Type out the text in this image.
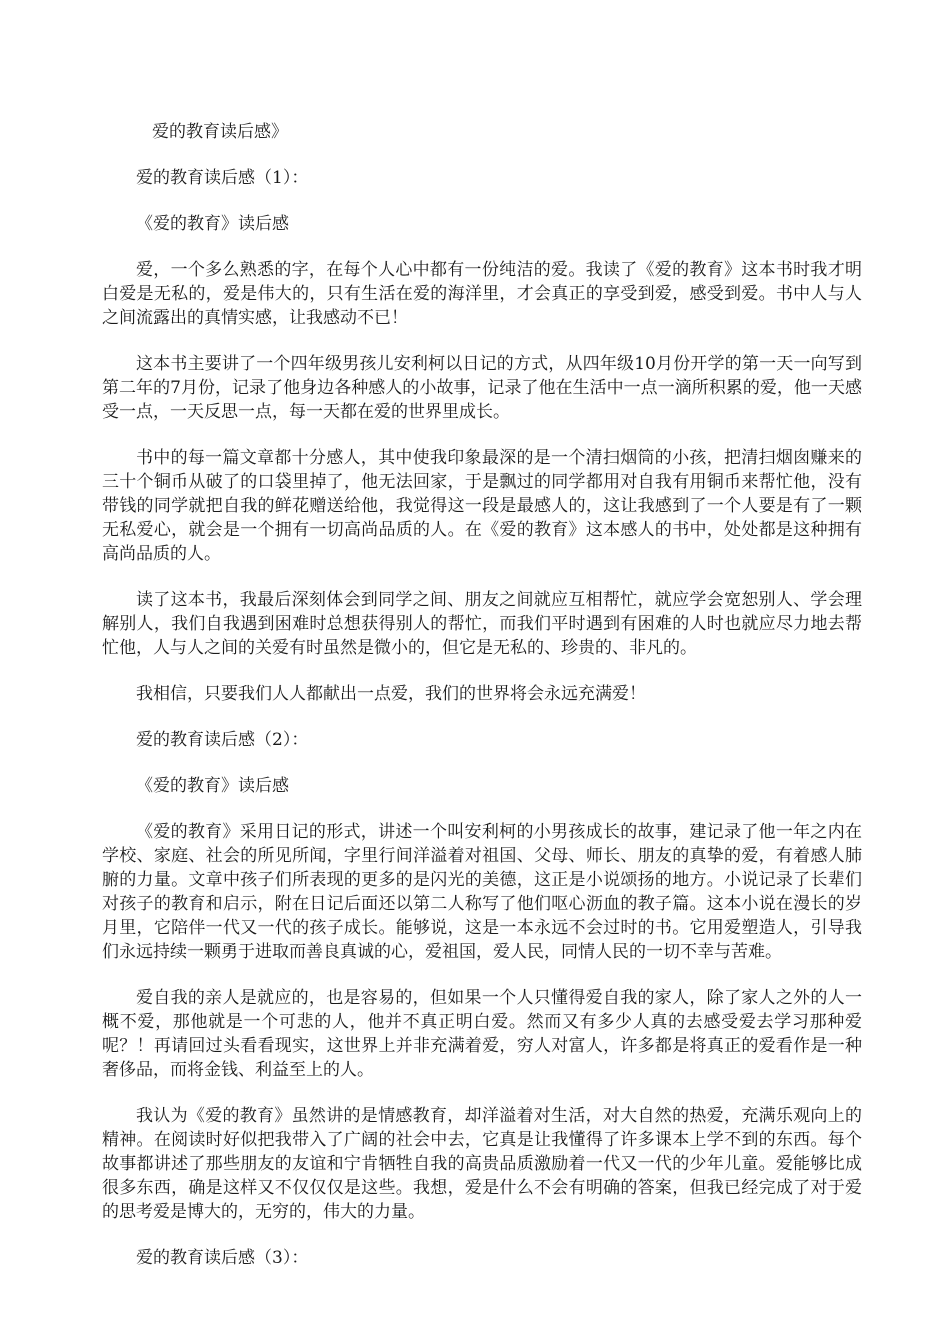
爱的教育读后感》
爱的教育读后感（1）：
《爱的教育》读后感

爱，一个多么熟悉的字，在每个人心中都有一份纯洁的爱。我读了《爱的教育》这本书时我才明白爱是无私的，爱是伟大的，只有生活在爱的海洋里，才会真正的享受到爱，感受到爱。书中人与人之间流露出的真情实感，让我感动不已！

这本书主要讲了一个四年级男孩儿安利柯以日记的方式，从四年级10月份开学的第一天一向写到第二年的7月份，记录了他身边各种感人的小故事，记录了他在生活中一点一滴所积累的爱，他一天感受一点，一天反思一点，每一天都在爱的世界里成长。

书中的每一篇文章都十分感人，其中使我印象最深的是一个清扫烟筒的小孩，把清扫烟囱赚来的三十个铜币从破了的口袋里掉了，他无法回家，于是飘过的同学都用对自我有用铜币来帮忙他，没有带钱的同学就把自我的鲜花赠送给他，我觉得这一段是最感人的，这让我感到了一个人要是有了一颗无私爱心，就会是一个拥有一切高尚品质的人。在《爱的教育》这本感人的书中，处处都是这种拥有高尚品质的人。

读了这本书，我最后深刻体会到同学之间、朋友之间就应互相帮忙，就应学会宽恕别人、学会理解别人，我们自我遇到困难时总想获得别人的帮忙，而我们平时遇到有困难的人时也就应尽力地去帮忙他，人与人之间的关爱有时虽然是微小的，但它是无私的、珍贵的、非凡的。

我相信，只要我们人人都献出一点爱，我们的世界将会永远充满爱！

爱的教育读后感（2）：
《爱的教育》读后感

《爱的教育》采用日记的形式，讲述一个叫安利柯的小男孩成长的故事，建记录了他一年之内在学校、家庭、社会的所见所闻，字里行间洋溢着对祖国、父母、师长、朋友的真挚的爱，有着感人肺腑的力量。文章中孩子们所表现的更多的是闪光的美德，这正是小说颂扬的地方。小说记录了长辈们对孩子的教育和启示，附在日记后面还以第二人称写了他们呕心沥血的教子篇。这本小说在漫长的岁月里，它陪伴一代又一代的孩子成长。能够说，这是一本永远不会过时的书。它用爱塑造人，引导我们永远持续一颗勇于进取而善良真诚的心，爱祖国，爱人民，同情人民的一切不幸与苦难。

爱自我的亲人是就应的，也是容易的，但如果一个人只懂得爱自我的家人，除了家人之外的人一概不爱，那他就是一个可悲的人，他并不真正明白爱。然而又有多少人真的去感受爱去学习那种爱呢？！再请回过头看看现实，这世界上并非充满着爱，穷人对富人，许多都是将真正的爱看作是一种奢侈品，而将金钱、利益至上的人。

我认为《爱的教育》虽然讲的是情感教育，却洋溢着对生活，对大自然的热爱，充满乐观向上的精神。在阅读时好似把我带入了广阔的社会中去，它真是让我懂得了许多课本上学不到的东西。每个故事都讲述了那些朋友的友谊和宁肯牺牲自我的高贵品质激励着一代又一代的少年儿童。爱能够比成很多东西，确是这样又不仅仅仅是这些。我想，爱是什么不会有明确的答案，但我已经完成了对于爱的思考爱是博大的，无穷的，伟大的力量。

爱的教育读后感（3）：
